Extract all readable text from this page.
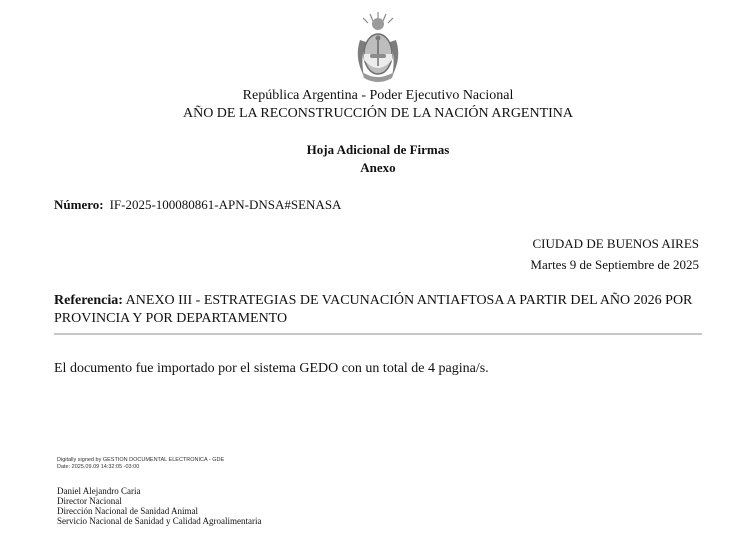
República Argentina - Poder Ejecutivo Nacional
AÑO DE LA RECONSTRUCCIÓN DE LA NACIÓN ARGENTINA
Hoja Adicional de Firmas
Anexo
Número: IF-2025-100080861-APN-DNSA#SENASA
CIUDAD DE BUENOS AIRES
Martes 9 de Septiembre de 2025
Referencia: ANEXO III - ESTRATEGIAS DE VACUNACIÓN ANTIAFTOSA A PARTIR DEL AÑO 2026 POR PROVINCIA Y POR DEPARTAMENTO
El documento fue importado por el sistema GEDO con un total de 4 pagina/s.
Digitally signed by GESTION DOCUMENTAL ELECTRONICA - GDE
Date: 2025.09.09 14:32:05 -03:00
Daniel Alejandro Caria
Director Nacional
Dirección Nacional de Sanidad Animal
Servicio Nacional de Sanidad y Calidad Agroalimentaria
